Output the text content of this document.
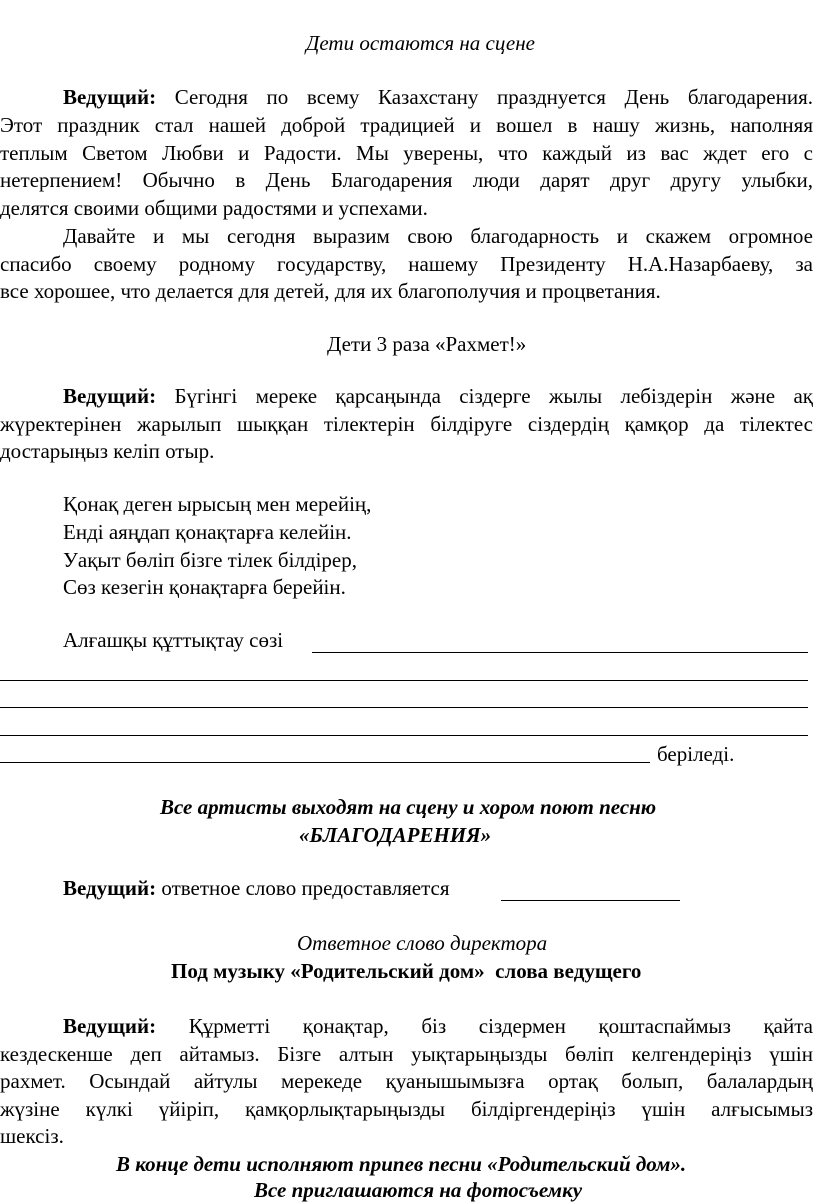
Дети остаются на сцене
Ведущий: Сегодня по всему Казахстану празднуется День благодарения.
Этот праздник стал нашей доброй традицией и вошел в нашу жизнь, наполняя
теплым Светом Любви и Радости. Мы уверены, что каждый из вас ждет его с
нетерпением! Обычно в День Благодарения люди дарят друг другу улыбки,
делятся своими общими радостями и успехами.
Давайте и мы сегодня выразим свою благодарность и скажем огромное
спасибо своему родному государству, нашему Президенту Н.А.Назарбаеву, за
все хорошее, что делается для детей, для их благополучия и процветания.
Дети 3 раза «Рахмет!»
Ведущий: Бүгінгі мереке қарсаңында сіздерге жылы лебіздерін және ақ
жүректерінен жарылып шыққан тілектерін білдіруге сіздердің қамқор да тілектес
достарыңыз келіп отыр.
Қонақ деген ырысың мен мерейің,
Енді аяңдап қонақтарға келейін.
Уақыт бөліп бізге тілек білдірер,
Сөз кезегін қонақтарға берейін.
Алғашқы құттықтау сөзі
беріледі.
Все артисты выходят на сцену и хором поют песню
«БЛАГОДАРЕНИЯ»
Ведущий: ответное слово предоставляется
Ответное слово директора
Под музыку «Родительский дом»  слова ведущего
Ведущий: Құрметті қонақтар, біз сіздермен қоштаспаймыз қайта
кездескенше деп айтамыз. Бізге алтын уықтарыңызды бөліп келгендеріңіз үшін
рахмет. Осындай айтулы мерекеде қуанышымызға ортақ болып, балалардың
жүзіне күлкі үйіріп, қамқорлықтарыңызды білдіргендеріңіз үшін алғысымыз
шексіз.
В конце дети исполняют припев песни «Родительский дом».
Все приглашаются на фотосъемку
